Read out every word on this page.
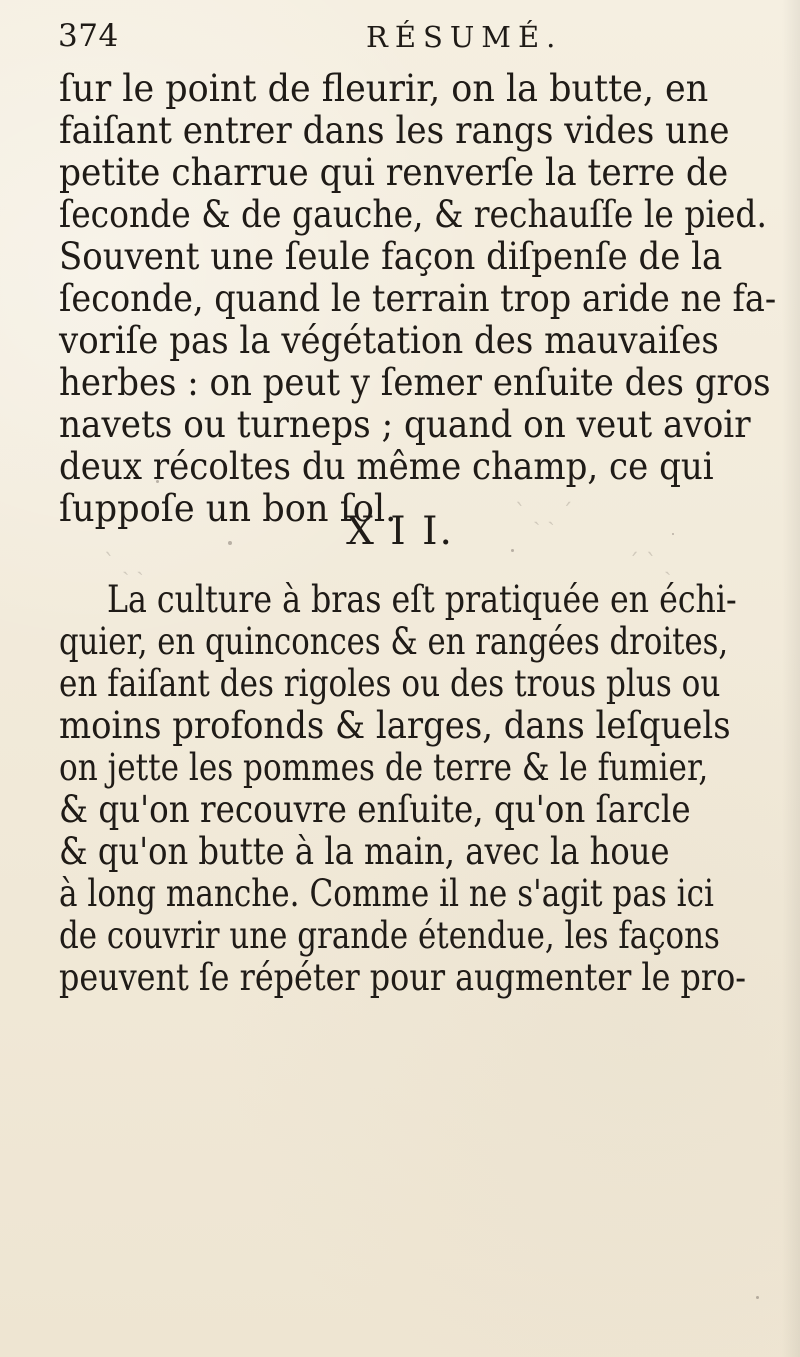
374	RÉSUMÉ.
ſur le point de fleurir, on la butte, en
faiſant entrer dans les rangs vides une
petite charrue qui renverſe la terre de
ſeconde & de gauche, & rechauſſe le pied.
Souvent une ſeule façon diſpenſe de la
ſeconde, quand le terrain trop aride ne fa-
voriſe pas la végétation des mauvaiſes
herbes : on peut y ſemer enſuite des gros
navets ou turneps ; quand on veut avoir
deux récoltes du même champ, ce qui
ſuppoſe un bon ſol.
X I I.
La culture à bras eſt pratiquée en échi-
quier, en quinconces & en rangées droites,
en faiſant des rigoles ou des trous plus ou
moins profonds & larges, dans leſquels
on jette les pommes de terre & le fumier,
& qu'on recouvre enſuite, qu'on ſarcle
& qu'on butte à la main, avec la houe
à long manche. Comme il ne s'agit pas ici
de couvrir une grande étendue, les façons
peuvent ſe répéter pour augmenter le pro-
ˋ ˎ ˏ ˊ
ˋ ˎ ˏ	ˊ ˋ ˎ
